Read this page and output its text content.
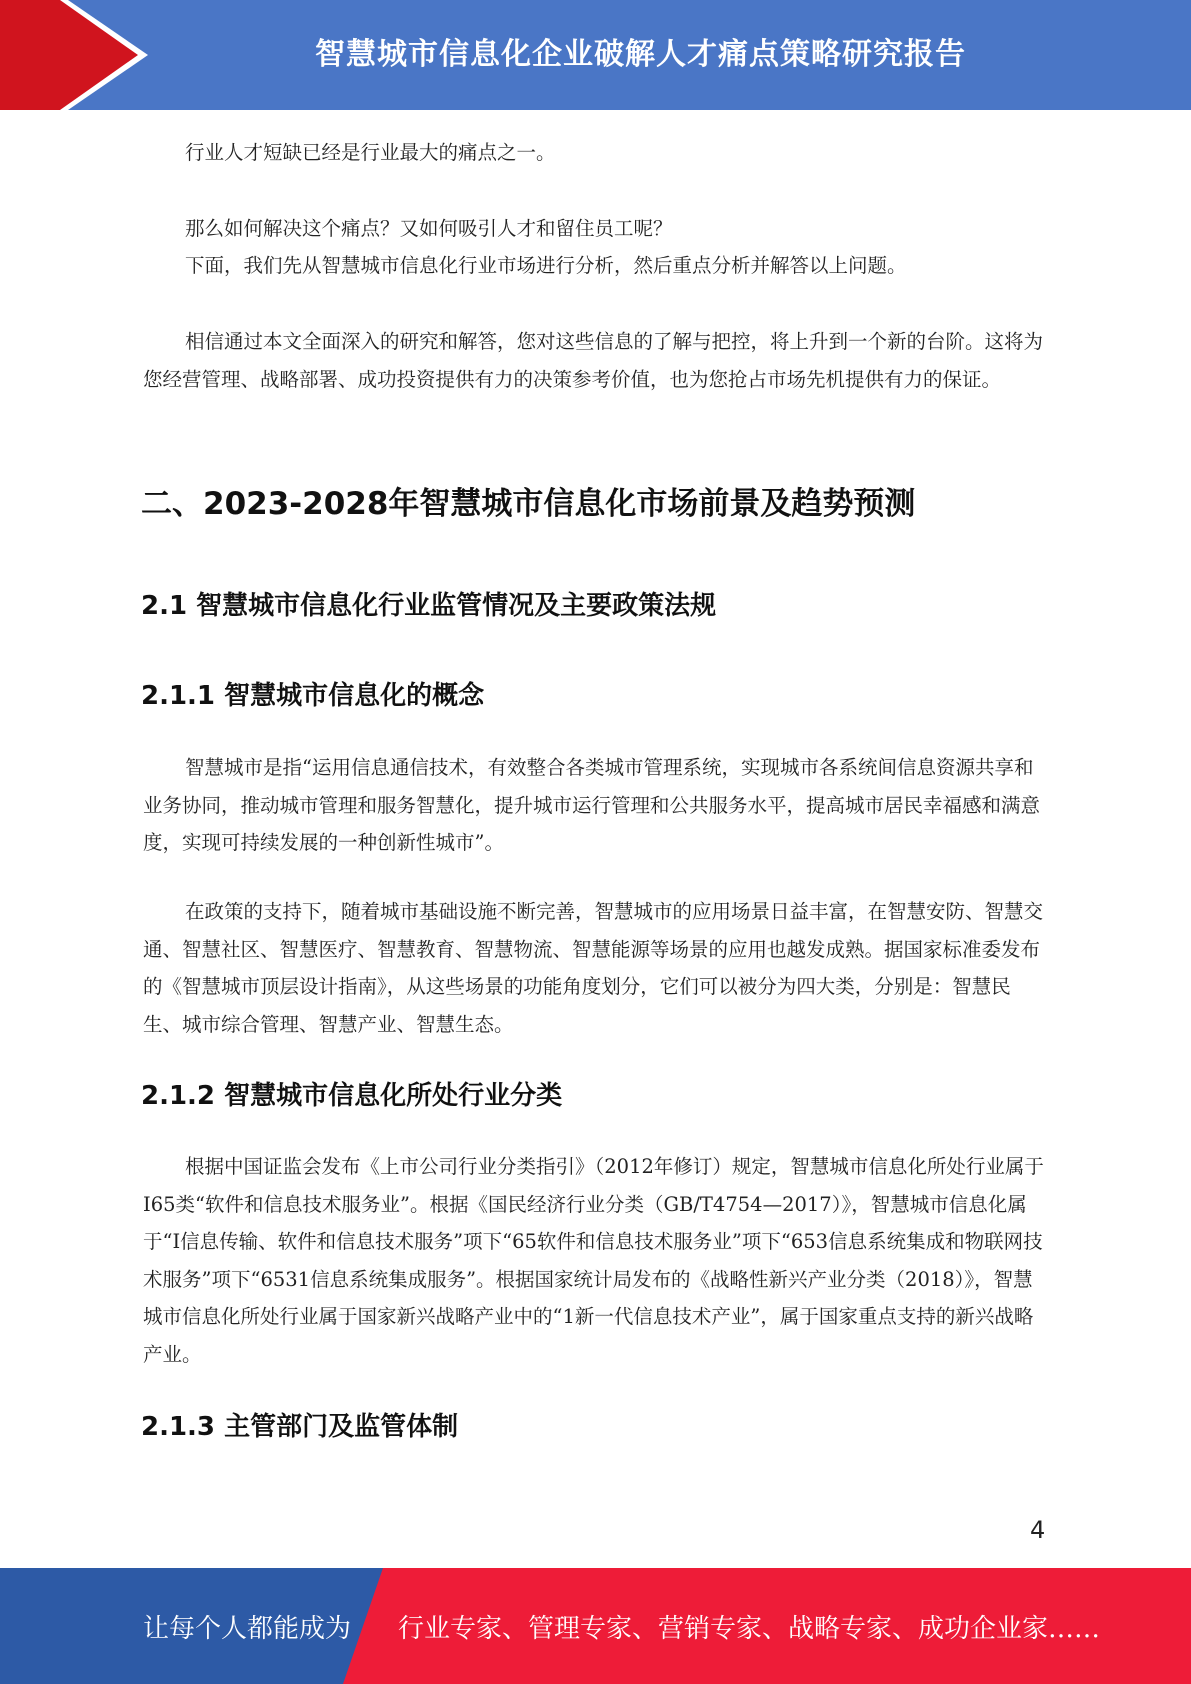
智慧城市信息化企业破解人才痛点策略研究报告

行业人才短缺已经是行业最大的痛点之一。

那么如何解决这个痛点？又如何吸引人才和留住员工呢？

下面，我们先从智慧城市信息化行业市场进行分析，然后重点分析并解答以上问题。

相信通过本文全面深入的研究和解答，您对这些信息的了解与把控，将上升到一个新的台阶。这将为您经营管理、战略部署、成功投资提供有力的决策参考价值，也为您抢占市场先机提供有力的保证。

二、2023-2028年智慧城市信息化市场前景及趋势预测
2.1 智慧城市信息化行业监管情况及主要政策法规
2.1.1 智慧城市信息化的概念

智慧城市是指“运用信息通信技术，有效整合各类城市管理系统，实现城市各系统间信息资源共享和业务协同，推动城市管理和服务智慧化，提升城市运行管理和公共服务水平，提高城市居民幸福感和满意度，实现可持续发展的一种创新性城市”。

在政策的支持下，随着城市基础设施不断完善，智慧城市的应用场景日益丰富，在智慧安防、智慧交通、智慧社区、智慧医疗、智慧教育、智慧物流、智慧能源等场景的应用也越发成熟。据国家标准委发布的《智慧城市顶层设计指南》，从这些场景的功能角度划分，它们可以被分为四大类，分别是：智慧民生、城市综合管理、智慧产业、智慧生态。

2.1.2 智慧城市信息化所处行业分类

根据中国证监会发布《上市公司行业分类指引》（2012年修订）规定，智慧城市信息化所处行业属于I65类“软件和信息技术服务业”。根据《国民经济行业分类（GB/T4754—2017）》，智慧城市信息化属于“I信息传输、软件和信息技术服务”项下“65软件和信息技术服务业”项下“653信息系统集成和物联网技术服务”项下“6531信息系统集成服务”。根据国家统计局发布的《战略性新兴产业分类（2018）》，智慧城市信息化所处行业属于国家新兴战略产业中的“1新一代信息技术产业”，属于国家重点支持的新兴战略产业。

2.1.3 主管部门及监管体制
4
让每个人都能成为 行业专家、管理专家、营销专家、战略专家、成功企业家……
